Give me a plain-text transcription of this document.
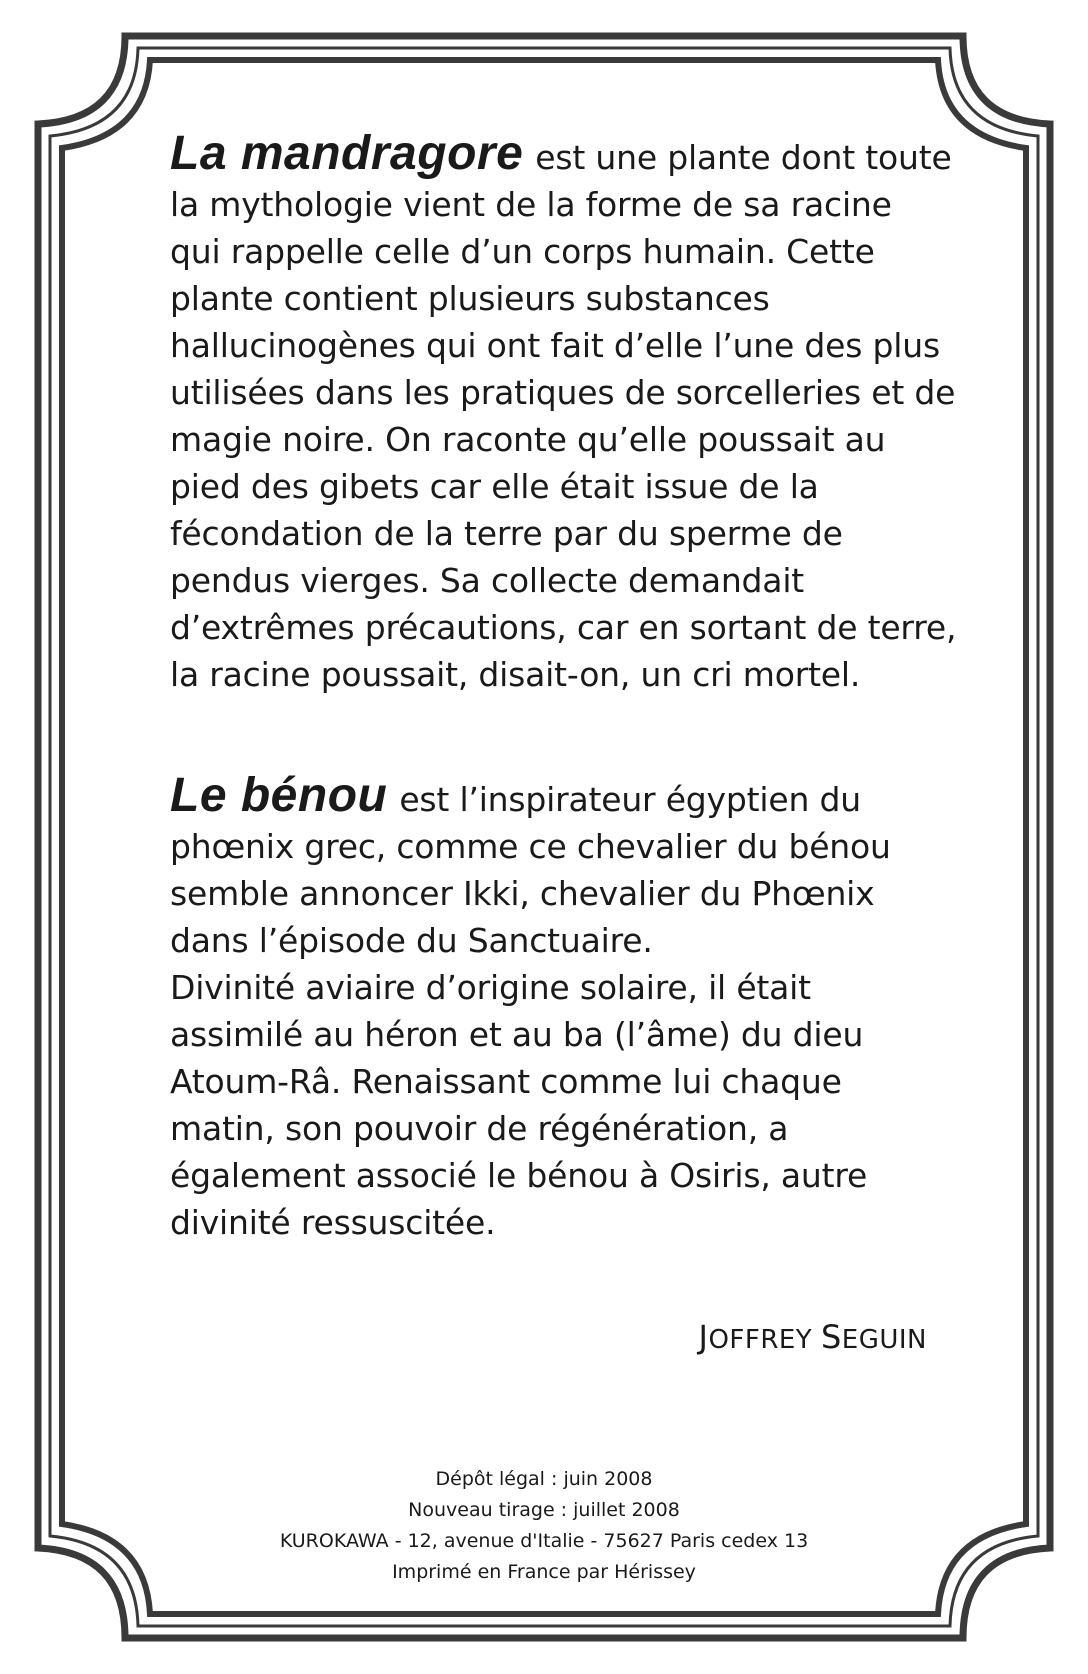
La mandragore est une plante dont toute
la mythologie vient de la forme de sa racine
qui rappelle celle d’un corps humain. Cette
plante contient plusieurs substances
hallucinogènes qui ont fait d’elle l’une des plus
utilisées dans les pratiques de sorcelleries et de
magie noire. On raconte qu’elle poussait au
pied des gibets car elle était issue de la
fécondation de la terre par du sperme de
pendus vierges. Sa collecte demandait
d’extrêmes précautions, car en sortant de terre,
la racine poussait, disait-on, un cri mortel.

Le bénou est l’inspirateur égyptien du
phœnix grec, comme ce chevalier du bénou
semble annoncer Ikki, chevalier du Phœnix
dans l’épisode du Sanctuaire.
Divinité aviaire d’origine solaire, il était
assimilé au héron et au ba (l’âme) du dieu
Atoum-Râ. Renaissant comme lui chaque
matin, son pouvoir de régénération, a
également associé le bénou à Osiris, autre
divinité ressuscitée.

JOFFREY SEGUIN
Dépôt légal : juin 2008
Nouveau tirage : juillet 2008
KUROKAWA - 12, avenue d'Italie - 75627 Paris cedex 13
Imprimé en France par Hérissey
